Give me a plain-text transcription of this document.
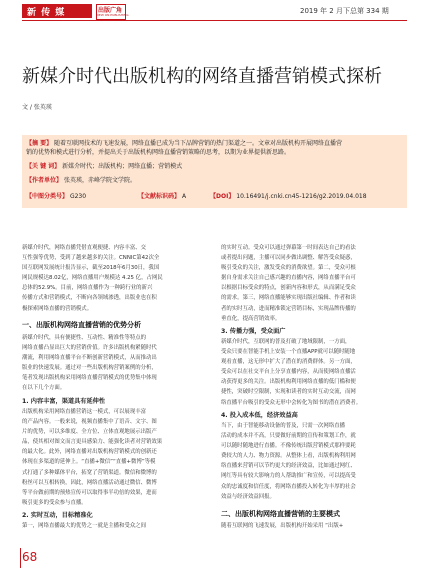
新 传 媒	出版广角
VIEW ON PUBLISHING	2019 年 2 月下总第 334 期
新媒介时代出版机构的网络直播营销模式探析
文 / 张英瑛
【摘 要】 随着互联网技术的飞速发展，网络直播已成为当下品牌营销的热门渠道之一。文章对出版机构开展网络直播营
销的优势和模式进行分析，并提出关于出版机构网络直播营销策略的思考，以期为业界提供新思路。
【关 键 词】 新媒介时代；出版机构；网络直播；营销模式
【作者单位】 张英瑛，赤峰学院文学院。
【中图分类号】 G230	【文献标识码】 A	【DOI】 10.16491/j.cnki.cn45-1216/g2.2019.04.018
新媒介时代，网络直播凭借直观便捷、内容丰富、交
互性强等优势，受到了越来越多的关注。CNNIC第42次全
国互联网发展统计报告显示，截至2018年6月30日，我国
网民规模达8.02亿，网络直播用户规模达 4.25 亿，占网民
总体的52.9%。目前，网络直播作为一种跨行业的新兴
传播方式和营销模式，不断向各领域渗透，出版业也在积
极探索网络直播的营销模式。
一、出版机构网络直播营销的优势分析
新媒介时代，具有便捷性、互动性、精准性等特点的
网络直播凸显出巨大的营销价值。许多出版机构紧随时代
潮流，利用网络直播平台不断创新营销模式，从而推动出
版业的快速发展。通过对一些出版机构营销案例的分析，
笔者发现出版机构采用网络直播营销模式的优势集中体现
在以下几个方面。
1. 内容丰富，渠道具有延伸性
出版机构采用网络直播营销这一模式，可以展现丰富
的产品内容。一般来说，视频直播集中了语音、文字、图
片的优势，可以多维度、全方位、立体直观地展示出版产
品，使其相对图文而言更具感染力、能强化读者对营销效果
的最大化。此外，网络直播对出版机构营销模式的创新还
体现在多渠道的延伸上。“直播+微信”“直播+微博”等模
式打通了多种媒体平台，拓宽了营销渠道。微信和微博的
粉丝可以互相转换，因此，网络直播活动通过微信、微博
等平台做前期的预热宣传可以取得事半功倍的效果，进而
吸引更多的受众参与直播。
2. 实时互动，目标精准化
第一，网络直播最大的优势之一就是主播和受众之间
的实时互动。受众可以通过弹幕第一时间表达自己的看法
或者提出问题，主播可以同步做出调整、解答受众疑惑，
吸引受众的关注，激发受众的消费欲望。第二，受众可根
据自身需求关注自己感兴趣的直播内容，网络直播平台可
以根据目标受众的特点，创新内容和形式，从而满足受众
的需求。第三，网络直播能够实现出版社编辑、作者和读
者的实时互动，进而精准锁定营销目标，实现品牌传播的
垂直化，提高营销效率。
3. 传播力强，受众面广
新媒介时代，互联网的普及打破了地域限制，一方面，
受众只要在智能手机上安装一个直播APP就可以随时随地
观看直播，这无形中扩大了潜在的消费群体。另一方面，
受众可以在社交平台上分享直播内容，从而使网络直播活
动获得更多的关注。出版机构利用网络直播的低门槛和便
捷性，突破时空限制，实现和读者的实时互动交流，而网
络直播平台吸引的受众无形中会转化为图书的潜在消费者。
4. 投入成本低，经济效益高
当下，由于智能移动设备的普及，只需一次网络直播
活动的成本并不高，只要做好前期的宣传和策划工作，就
可以随时随地进行直播。不像传统出版营销模式那样要耗
费较大的人力、物力资源。从整体上看，出版机构利用网
络直播来营销可以节约更大的经济效益，比如通过网红、
网红等具有较大影响力的人帮助推广和宣传，可以提高受
众的忠诚度和信任度，将网络直播投入转化为丰厚的社会
效益与经济效益回报。
二、出版机构网络直播营销的主要模式
随着互联网的飞速发展，出版机构开始采用 “出版+
68
